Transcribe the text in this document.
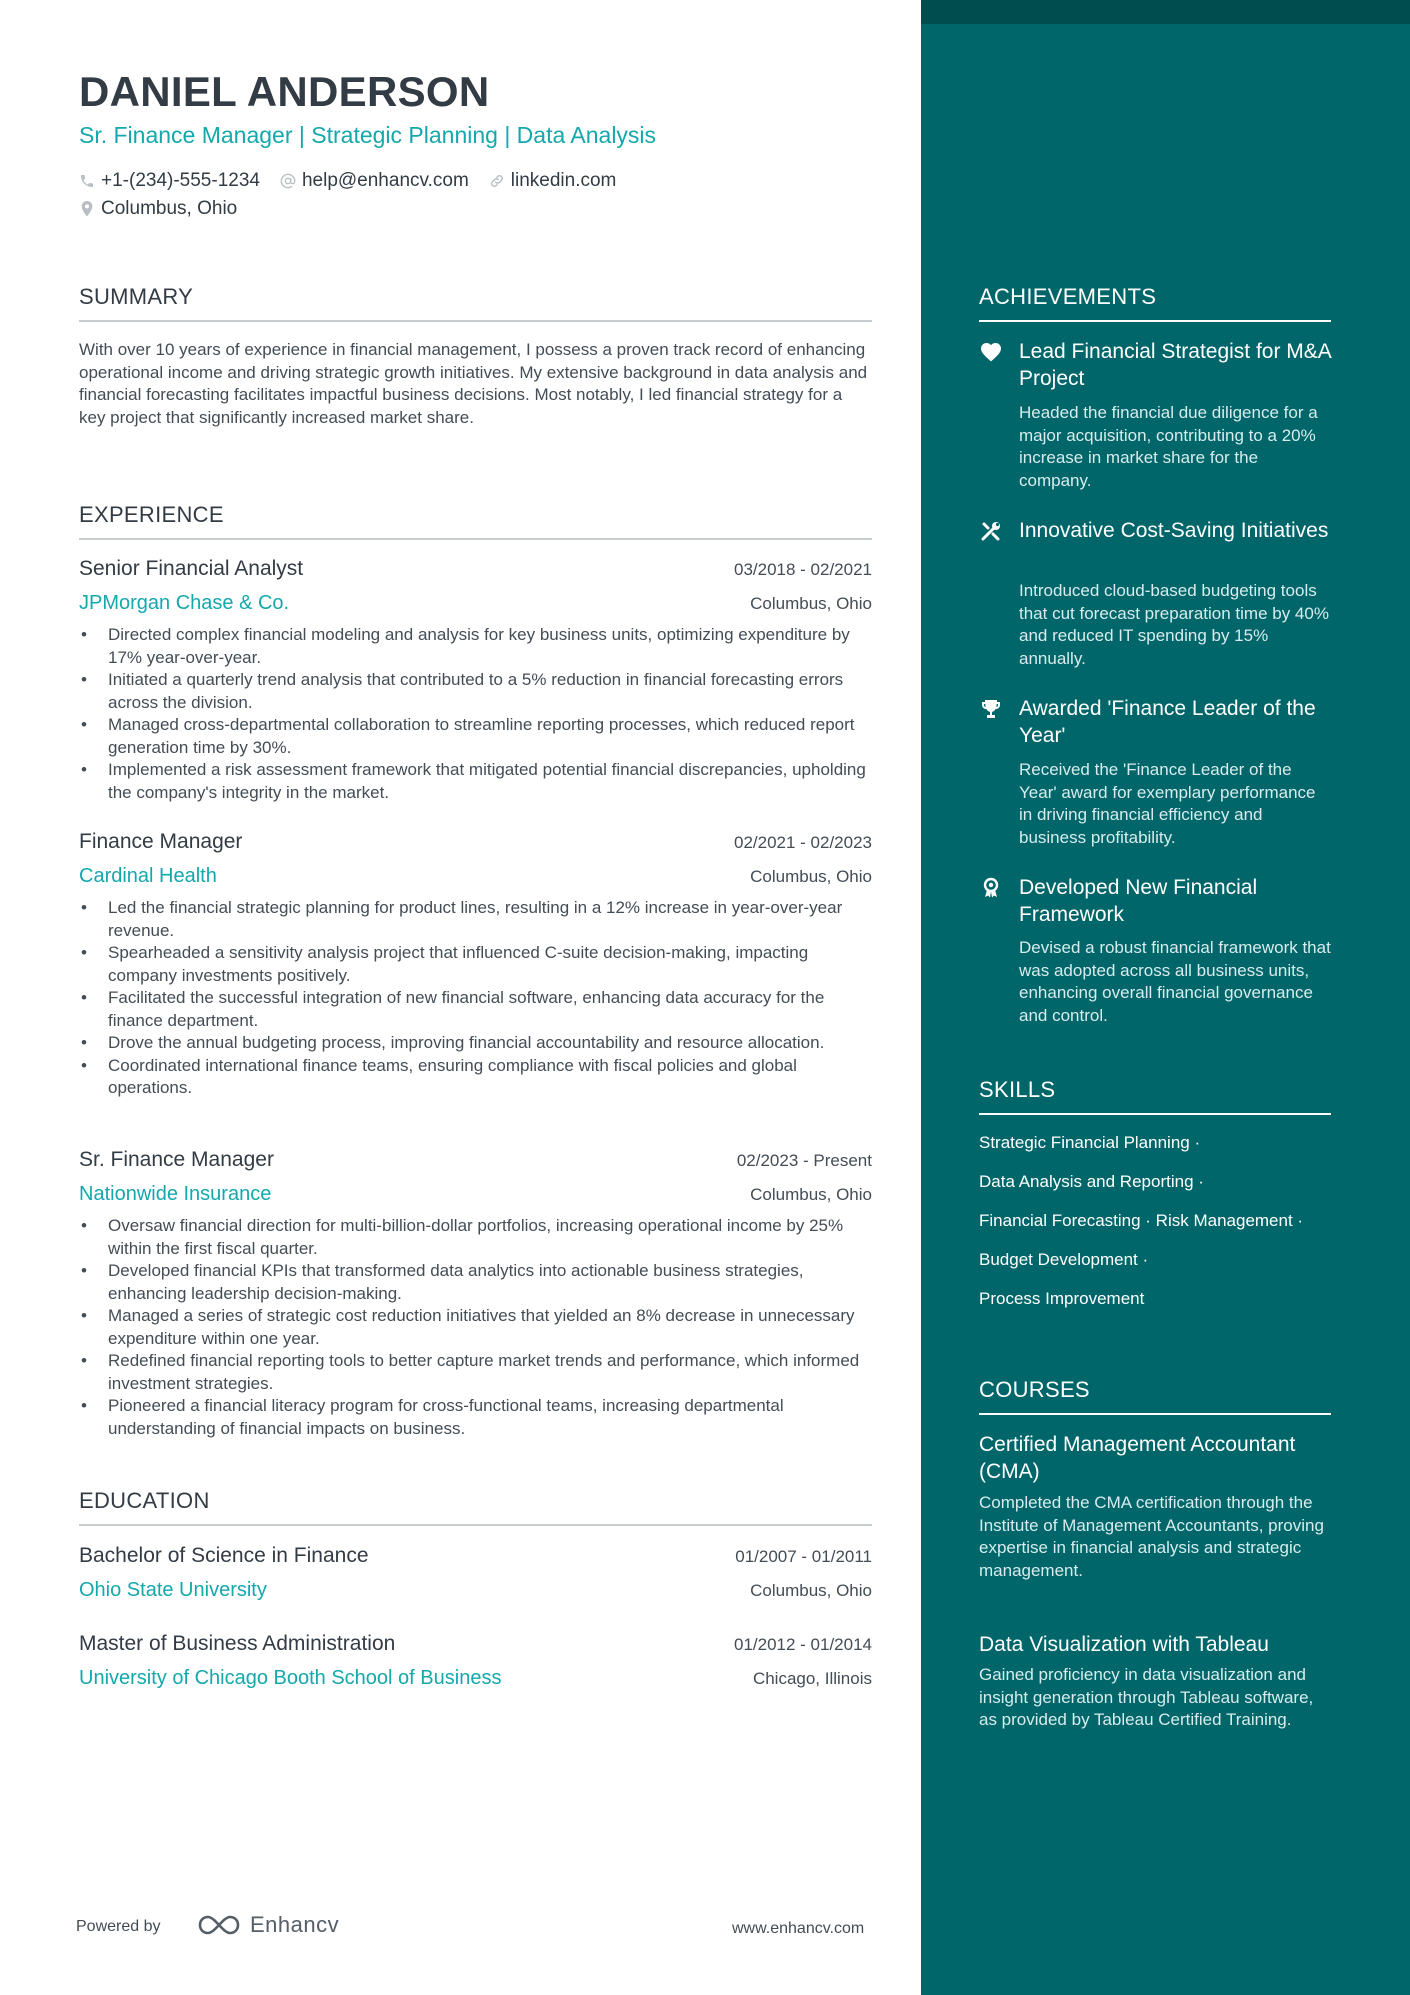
DANIEL ANDERSON
Sr. Finance Manager | Strategic Planning | Data Analysis
+1-(234)-555-1234 help@enhancv.com linkedin.com
Columbus, Ohio
SUMMARY
With over 10 years of experience in financial management, I possess a proven track record of enhancing operational income and driving strategic growth initiatives. My extensive background in data analysis and financial forecasting facilitates impactful business decisions. Most notably, I led financial strategy for a key project that significantly increased market share.
EXPERIENCE
Senior Financial Analyst	03/2018 - 02/2021
JPMorgan Chase & Co.	Columbus, Ohio
• Directed complex financial modeling and analysis for key business units, optimizing expenditure by 17% year-over-year.
• Initiated a quarterly trend analysis that contributed to a 5% reduction in financial forecasting errors across the division.
• Managed cross-departmental collaboration to streamline reporting processes, which reduced report generation time by 30%.
• Implemented a risk assessment framework that mitigated potential financial discrepancies, upholding the company's integrity in the market.
Finance Manager	02/2021 - 02/2023
Cardinal Health	Columbus, Ohio
• Led the financial strategic planning for product lines, resulting in a 12% increase in year-over-year revenue.
• Spearheaded a sensitivity analysis project that influenced C-suite decision-making, impacting company investments positively.
• Facilitated the successful integration of new financial software, enhancing data accuracy for the finance department.
• Drove the annual budgeting process, improving financial accountability and resource allocation.
• Coordinated international finance teams, ensuring compliance with fiscal policies and global operations.
Sr. Finance Manager	02/2023 - Present
Nationwide Insurance	Columbus, Ohio
• Oversaw financial direction for multi-billion-dollar portfolios, increasing operational income by 25% within the first fiscal quarter.
• Developed financial KPIs that transformed data analytics into actionable business strategies, enhancing leadership decision-making.
• Managed a series of strategic cost reduction initiatives that yielded an 8% decrease in unnecessary expenditure within one year.
• Redefined financial reporting tools to better capture market trends and performance, which informed investment strategies.
• Pioneered a financial literacy program for cross-functional teams, increasing departmental understanding of financial impacts on business.
EDUCATION
Bachelor of Science in Finance	01/2007 - 01/2011
Ohio State University	Columbus, Ohio
Master of Business Administration	01/2012 - 01/2014
University of Chicago Booth School of Business	Chicago, Illinois
Powered by	Enhancv	www.enhancv.com
ACHIEVEMENTS
Lead Financial Strategist for M&A Project
Headed the financial due diligence for a major acquisition, contributing to a 20% increase in market share for the company.
Innovative Cost-Saving Initiatives
Introduced cloud-based budgeting tools that cut forecast preparation time by 40% and reduced IT spending by 15% annually.
Awarded 'Finance Leader of the Year'
Received the 'Finance Leader of the Year' award for exemplary performance in driving financial efficiency and business profitability.
Developed New Financial Framework
Devised a robust financial framework that was adopted across all business units, enhancing overall financial governance and control.
SKILLS
Strategic Financial Planning ·
Data Analysis and Reporting ·
Financial Forecasting · Risk Management ·
Budget Development ·
Process Improvement
COURSES
Certified Management Accountant (CMA)
Completed the CMA certification through the Institute of Management Accountants, proving expertise in financial analysis and strategic management.
Data Visualization with Tableau
Gained proficiency in data visualization and insight generation through Tableau software, as provided by Tableau Certified Training.
